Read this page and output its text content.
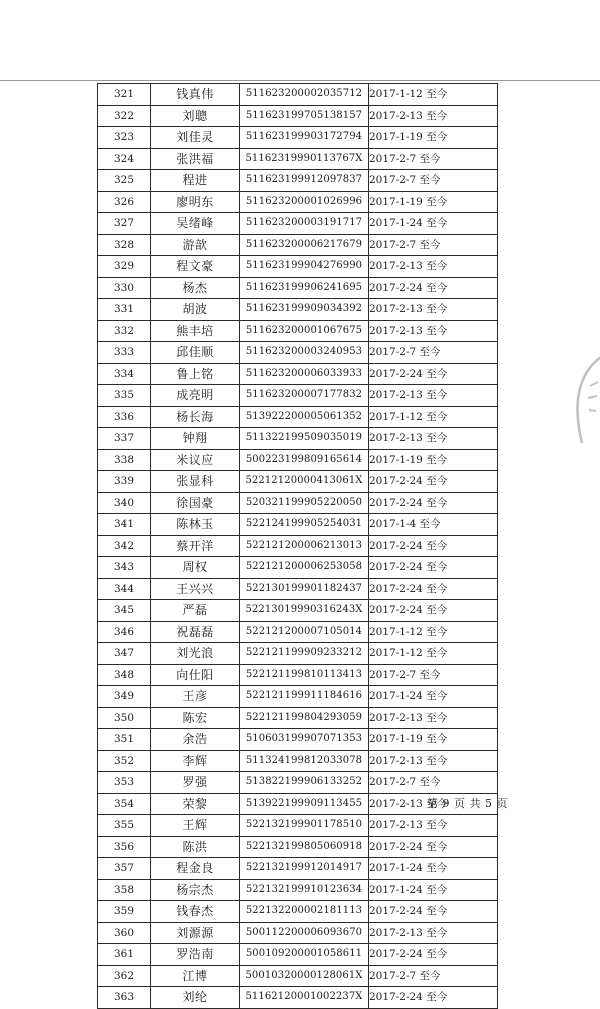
321	钱真伟	511623200002035712	2017-1-12 至今
322	刘聰	511623199705138157	2017-2-13 至今
323	刘佳灵	511623199903172794	2017-1-19 至今
324	张洪福	51162319990113767X	2017-2-7 至今
325	程进	511623199912097837	2017-2-7 至今
326	廖明东	511623200001026996	2017-1-19 至今
327	吴绪峰	511623200003191717	2017-1-24 至今
328	游歆	511623200006217679	2017-2-7 至今
329	程文豪	511623199904276990	2017-2-13 至今
330	杨杰	511623199906241695	2017-2-24 至今
331	胡波	511623199909034392	2017-2-13 至今
332	熊丰培	511623200001067675	2017-2-13 至今
333	邱佳顺	511623200003240953	2017-2-7 至今
334	鲁上铭	511623200006033933	2017-2-24 至今
335	成亮明	511623200007177832	2017-2-13 至今
336	杨长海	513922200005061352	2017-1-12 至今
337	钟翔	511322199509035019	2017-2-13 至今
338	米议应	500223199809165614	2017-1-19 至今
339	张显科	52212120000413061X	2017-2-24 至今
340	徐国豪	520321199905220050	2017-2-24 至今
341	陈林玉	522124199905254031	2017-1-4 至今
342	蔡开洋	522121200006213013	2017-2-24 至今
343	周权	522121200006253058	2017-2-24 至今
344	王兴兴	522130199901182437	2017-2-24 至今
345	严磊	52213019990316243X	2017-2-24 至今
346	祝磊磊	522121200007105014	2017-1-12 至今
347	刘光浪	522121199909233212	2017-1-12 至今
348	向仕阳	522121199810113413	2017-2-7 至今
349	王彦	522121199911184616	2017-1-24 至今
350	陈宏	522121199804293059	2017-2-13 至今
351	余浩	510603199907071353	2017-1-19 至今
352	李辉	511324199812033078	2017-2-13 至今
353	罗强	513822199906133252	2017-2-7 至今
354	荣黎	513922199909113455	2017-2-13 至今
355	王辉	522132199901178510	2017-2-13 至今
356	陈洪	522132199805060918	2017-2-24 至今
357	程金良	522132199912014917	2017-1-24 至今
358	杨宗杰	522132199910123634	2017-1-24 至今
359	钱春杰	522132200002181113	2017-2-24 至今
360	刘源源	500112200006093670	2017-2-13 至今
361	罗浩南	500109200001058611	2017-2-24 至今
362	江博	50010320000128061X	2017-2-7 至今
363	刘纶	51162120001002237X	2017-2-24 至今
第 9 页 共 5 页
